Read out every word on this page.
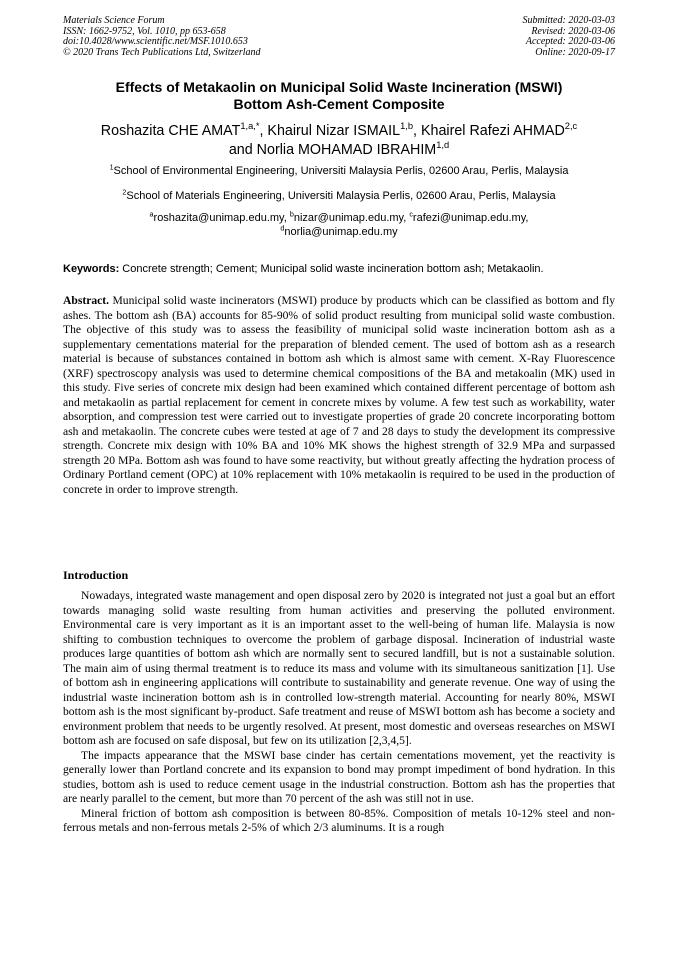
Materials Science Forum
ISSN: 1662-9752, Vol. 1010, pp 653-658
doi:10.4028/www.scientific.net/MSF.1010.653
© 2020 Trans Tech Publications Ltd, Switzerland
Submitted: 2020-03-03
Revised: 2020-03-06
Accepted: 2020-03-06
Online: 2020-09-17
Effects of Metakaolin on Municipal Solid Waste Incineration (MSWI)
Bottom Ash-Cement Composite
Roshazita CHE $AMAT^{1,a,*}$, Khairul Nizar ISMAIL$^{1,b}$, Khairel Rafezi AHMAD$^{2,c}$
and Norlia MOHAMAD IBRAHIM$^{1,d}$
$^1$School of Environmental Engineering, Universiti Malaysia Perlis, 02600 Arau, Perlis, Malaysia
$^2$School of Materials Engineering, Universiti Malaysia Perlis, 02600 Arau, Perlis, Malaysia
$^a$roshazita@unimap.edu.my, $^b$nizar@unimap.edu.my, $^c$rafezi@unimap.edu.my,
$^d$norlia@unimap.edu.my
Keywords: Concrete strength; Cement; Municipal solid waste incineration bottom ash; Metakaolin.

Abstract. Municipal solid waste incinerators (MSWI) produce by products which can be classified as bottom and fly ashes. The bottom ash (BA) accounts for 85-90% of solid product resulting from municipal solid waste combustion. The objective of this study was to assess the feasibility of municipal solid waste incineration bottom ash as a supplementary cementations material for the preparation of blended cement. The used of bottom ash as a research material is because of substances contained in bottom ash which is almost same with cement. X-Ray Fluorescence (XRF) spectroscopy analysis was used to determine chemical compositions of the BA and metakoalin (MK) used in this study. Five series of concrete mix design had been examined which contained different percentage of bottom ash and metakaolin as partial replacement for cement in concrete mixes by volume. A few test such as workability, water absorption, and compression test were carried out to investigate properties of grade 20 concrete incorporating bottom ash and metakaolin. The concrete cubes were tested at age of 7 and 28 days to study the development its compressive strength. Concrete mix design with 10% BA and 10% MK shows the highest strength of 32.9 MPa and surpassed strength 20 MPa. Bottom ash was found to have some reactivity, but without greatly affecting the hydration process of Ordinary Portland cement (OPC) at 10% replacement with 10% metakaolin is required to be used in the production of concrete in order to improve strength.

Introduction

Nowadays, integrated waste management and open disposal zero by 2020 is integrated not just a goal but an effort towards managing solid waste resulting from human activities and preserving the polluted environment. Environmental care is very important as it is an important asset to the well-being of human life. Malaysia is now shifting to combustion techniques to overcome the problem of garbage disposal. Incineration of industrial waste produces large quantities of bottom ash which are normally sent to secured landfill, but is not a sustainable solution. The main aim of using thermal treatment is to reduce its mass and volume with its simultaneous sanitization [1]. Use of bottom ash in engineering applications will contribute to sustainability and generate revenue. One way of using the industrial waste incineration bottom ash is in controlled low-strength material. Accounting for nearly 80%, MSWI bottom ash is the most significant by-product. Safe treatment and reuse of MSWI bottom ash has become a society and environment problem that needs to be urgently resolved. At present, most domestic and overseas researches on MSWI bottom ash are focused on safe disposal, but few on its utilization [2,3,4,5].

The impacts appearance that the MSWI base cinder has certain cementations movement, yet the reactivity is generally lower than Portland concrete and its expansion to bond may prompt impediment of bond hydration. In this studies, bottom ash is used to reduce cement usage in the industrial construction. Bottom ash has the properties that are nearly parallel to the cement, but more than 70 percent of the ash was still not in use.

Mineral friction of bottom ash composition is between 80-85%. Composition of metals 10-12% steel and non-ferrous metals and non-ferrous metals 2-5% of which 2/3 aluminums. It is a rough
